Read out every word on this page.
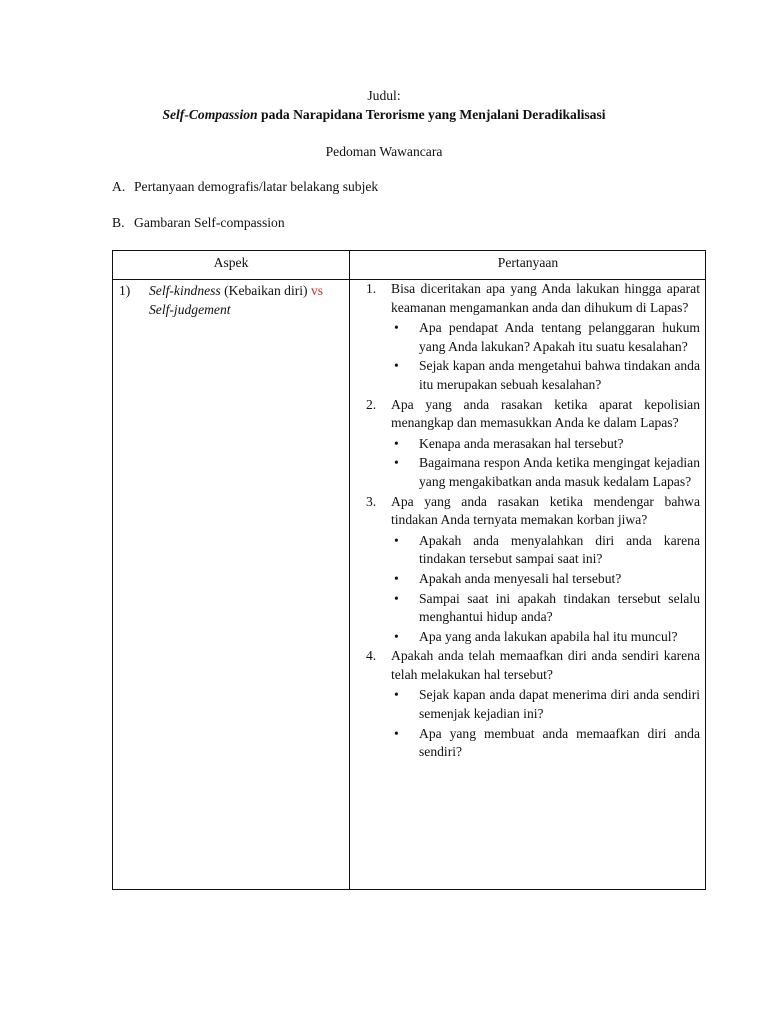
Judul:
Self-Compassion pada Narapidana Terorisme yang Menjalani Deradikalisasi
Pedoman Wawancara
A. Pertanyaan demografis/latar belakang subjek
B. Gambaran Self-compassion
Aspek	Pertanyaan
1)	Self-kindness (Kebaikan diri) vs
Self-judgement
1. Bisa diceritakan apa yang Anda lakukan hingga aparat keamanan mengamankan anda dan dihukum di Lapas?
• Apa pendapat Anda tentang pelanggaran hukum yang Anda lakukan? Apakah itu suatu kesalahan?
• Sejak kapan anda mengetahui bahwa tindakan anda itu merupakan sebuah kesalahan?
2. Apa yang anda rasakan ketika aparat kepolisian menangkap dan memasukkan Anda ke dalam Lapas?
• Kenapa anda merasakan hal tersebut?
• Bagaimana respon Anda ketika mengingat kejadian yang mengakibatkan anda masuk kedalam Lapas?
3. Apa yang anda rasakan ketika mendengar bahwa tindakan Anda ternyata memakan korban jiwa?
• Apakah anda menyalahkan diri anda karena tindakan tersebut sampai saat ini?
• Apakah anda menyesali hal tersebut?
• Sampai saat ini apakah tindakan tersebut selalu menghantui hidup anda?
• Apa yang anda lakukan apabila hal itu muncul?
4. Apakah anda telah memaafkan diri anda sendiri karena telah melakukan hal tersebut?
• Sejak kapan anda dapat menerima diri anda sendiri semenjak kejadian ini?
• Apa yang membuat anda memaafkan diri anda sendiri?
